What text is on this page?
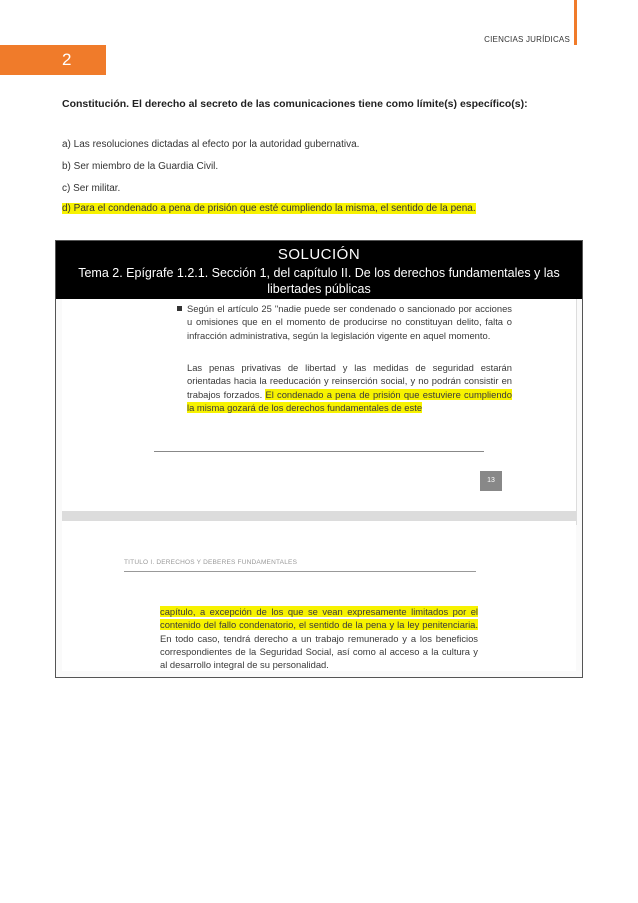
CIENCIAS JURÍDICAS
2
Constitución. El derecho al secreto de las comunicaciones tiene como límite(s) específico(s):
a) Las resoluciones dictadas al efecto por la autoridad gubernativa.
b) Ser miembro de la Guardia Civil.
c) Ser militar.
d) Para el condenado a pena de prisión que esté cumpliendo la misma, el sentido de la pena.
SOLUCIÓN
Tema 2. Epígrafe 1.2.1. Sección 1, del capítulo II. De los derechos fundamentales y las libertades públicas
Según el artículo 25 "nadie puede ser condenado o sancionado por acciones u omisiones que en el momento de producirse no constituyan delito, falta o infracción administrativa, según la legislación vigente en aquel momento.
Las penas privativas de libertad y las medidas de seguridad estarán orientadas hacia la reeducación y reinserción social, y no podrán consistir en trabajos forzados. El condenado a pena de prisión que estuviere cumpliendo la misma gozará de los derechos fundamentales de este
13
TITULO I. DERECHOS Y DEBERES FUNDAMENTALES
capítulo, a excepción de los que se vean expresamente limitados por el contenido del fallo condenatorio, el sentido de la pena y la ley penitenciaria. En todo caso, tendrá derecho a un trabajo remunerado y a los beneficios correspondientes de la Seguridad Social, así como al acceso a la cultura y al desarrollo integral de su personalidad.
